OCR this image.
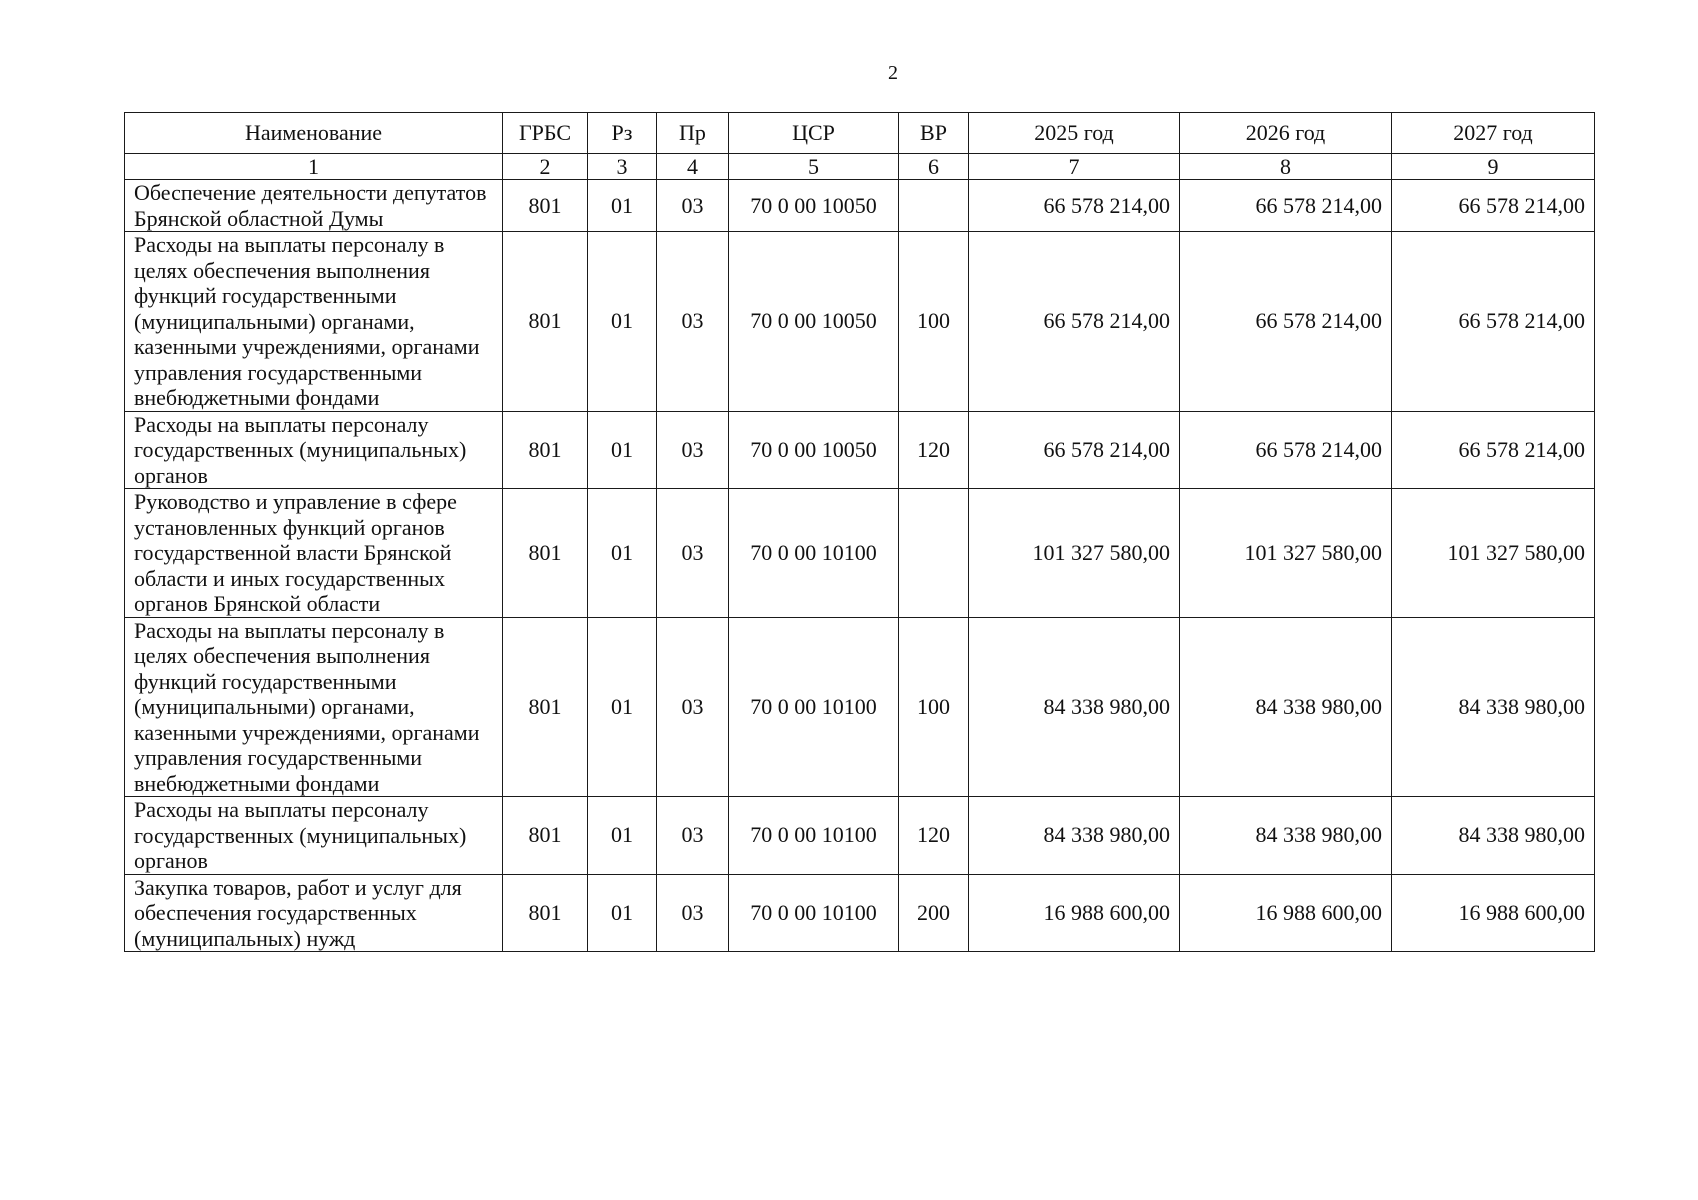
2
Наименование	ГРБС	Рз	Пр	ЦСР	ВР	2025 год	2026 год	2027 год
1	2	3	4	5	6	7	8	9
Обеспечение деятельности депутатов Брянской областной Думы	801	01	03	70 0 00 10050		66 578 214,00	66 578 214,00	66 578 214,00
Расходы на выплаты персоналу в целях обеспечения выполнения функций государственными (муниципальными) органами, казенными учреждениями, органами управления государственными внебюджетными фондами	801	01	03	70 0 00 10050	100	66 578 214,00	66 578 214,00	66 578 214,00
Расходы на выплаты персоналу государственных (муниципальных) органов	801	01	03	70 0 00 10050	120	66 578 214,00	66 578 214,00	66 578 214,00
Руководство и управление в сфере установленных функций органов государственной власти Брянской области и иных государственных органов Брянской области	801	01	03	70 0 00 10100		101 327 580,00	101 327 580,00	101 327 580,00
Расходы на выплаты персоналу в целях обеспечения выполнения функций государственными (муниципальными) органами, казенными учреждениями, органами управления государственными внебюджетными фондами	801	01	03	70 0 00 10100	100	84 338 980,00	84 338 980,00	84 338 980,00
Расходы на выплаты персоналу государственных (муниципальных) органов	801	01	03	70 0 00 10100	120	84 338 980,00	84 338 980,00	84 338 980,00
Закупка товаров, работ и услуг для обеспечения государственных (муниципальных) нужд	801	01	03	70 0 00 10100	200	16 988 600,00	16 988 600,00	16 988 600,00
